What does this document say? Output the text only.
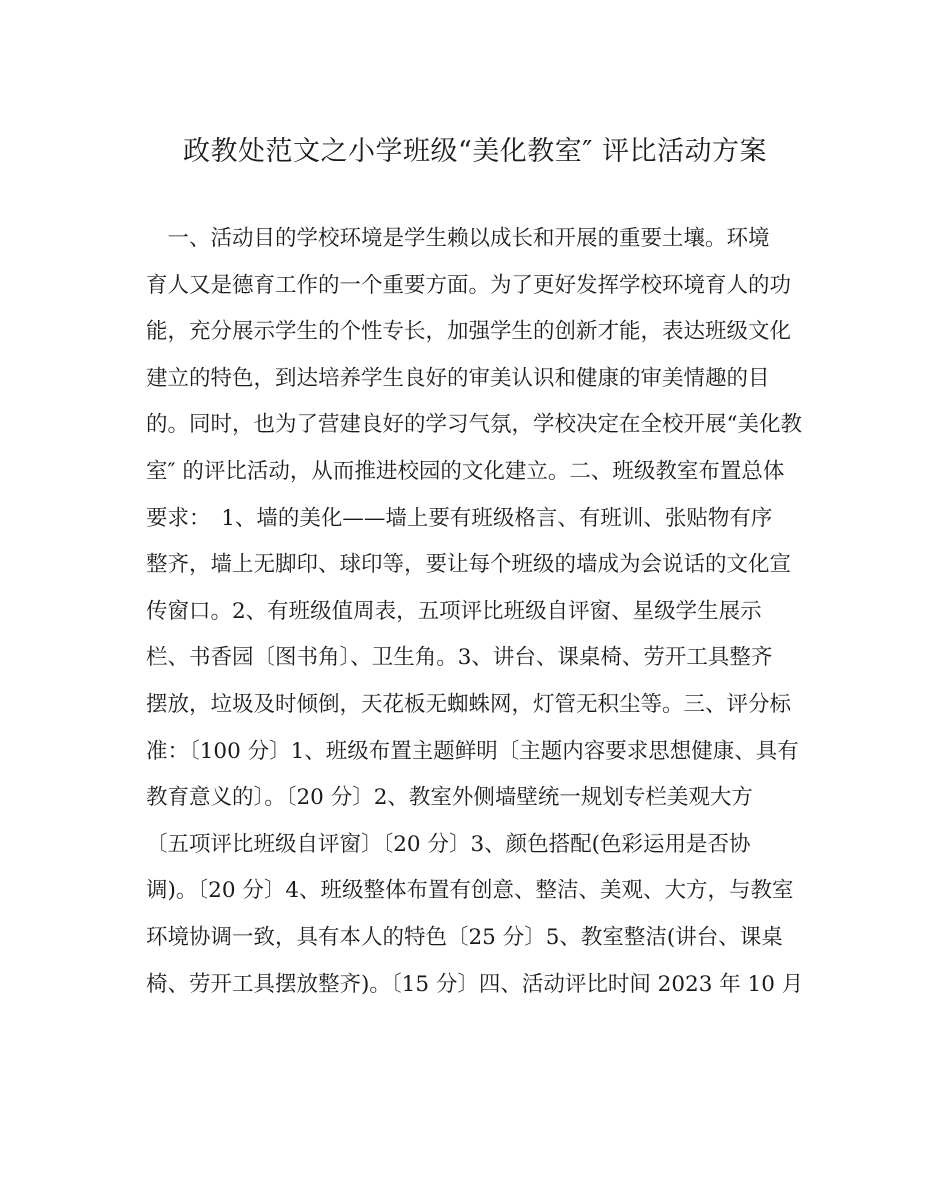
政教处范文之小学班级“美化教室″ 评比活动方案
　一、活动目的学校环境是学生赖以成长和开展的重要土壤。环境
育人又是德育工作的一个重要方面。为了更好发挥学校环境育人的功
能，充分展示学生的个性专长，加强学生的创新才能，表达班级文化
建立的特色，到达培养学生良好的审美认识和健康的审美情趣的目
的。同时，也为了营建良好的学习气氛，学校决定在全校开展“美化教
室″ 的评比活动，从而推进校园的文化建立。二、班级教室布置总体
要求：　1、墙的美化——墙上要有班级格言、有班训、张贴物有序
整齐，墙上无脚印、球印等，要让每个班级的墙成为会说话的文化宣
传窗口。2、有班级值周表，五项评比班级自评窗、星级学生展示
栏、书香园〔图书角〕、卫生角。3、讲台、课桌椅、劳开工具整齐
摆放，垃圾及时倾倒，天花板无蜘蛛网，灯管无积尘等。三、评分标
准：〔100 分〕1、班级布置主题鲜明〔主题内容要求思想健康、具有
教育意义的〕。〔20 分〕2、教室外侧墙壁统一规划专栏美观大方
〔五项评比班级自评窗〕〔20 分〕3、颜色搭配(色彩运用是否协
调)。〔20 分〕4、班级整体布置有创意、整洁、美观、大方，与教室
环境协调一致，具有本人的特色〔25 分〕5、教室整洁(讲台、课桌
椅、劳开工具摆放整齐)。〔15 分〕四、活动评比时间 2023 年 10 月
